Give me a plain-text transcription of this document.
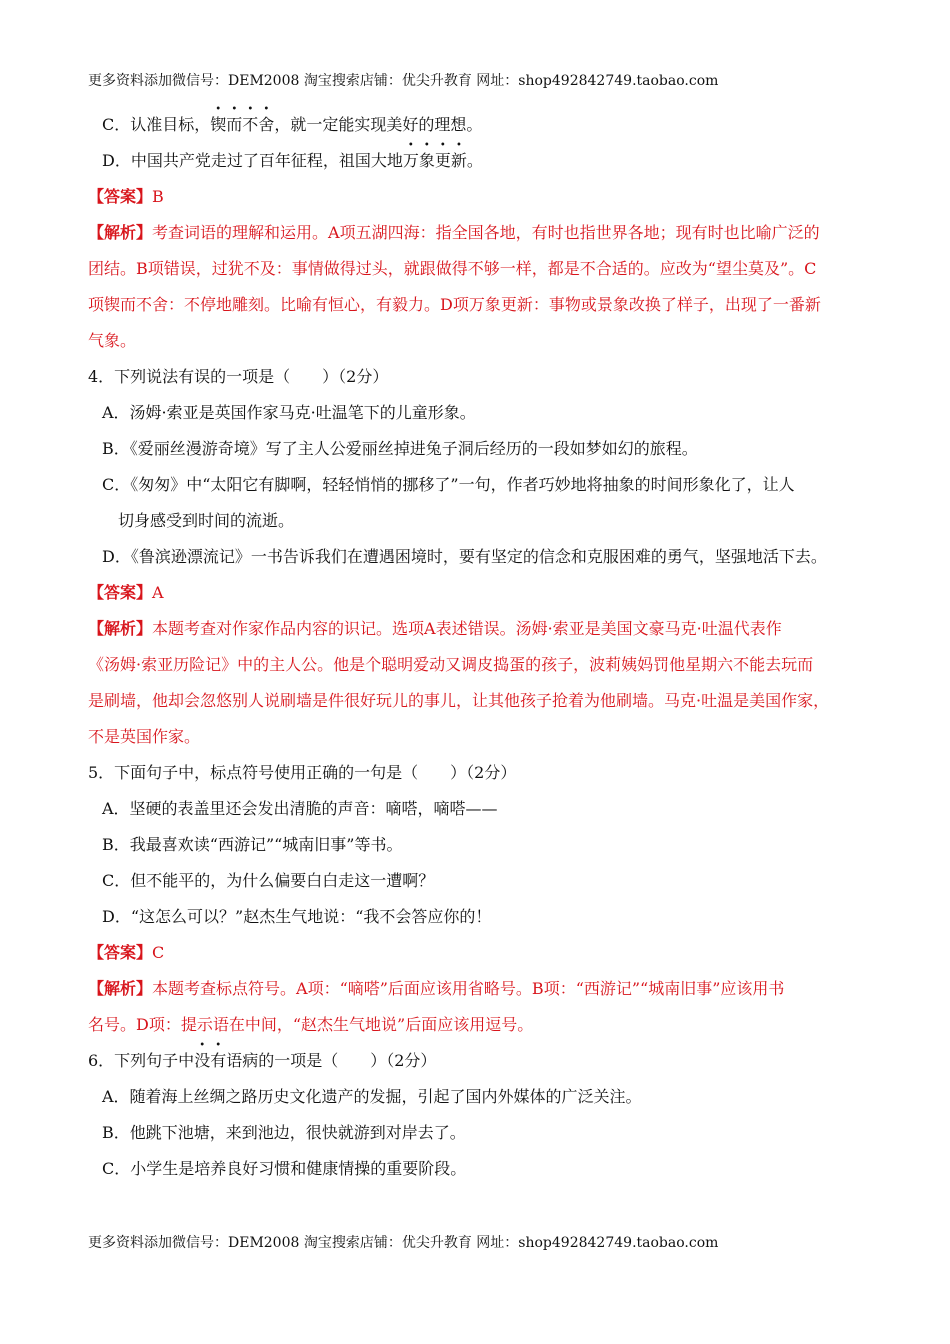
更多资料添加微信号：DEM2008 淘宝搜索店铺：优尖升教育 网址：shop492842749.taobao.com

C．认准目标，锲而不舍，就一定能实现美好的理想。

D．中国共产党走过了百年征程，祖国大地万象更新。

【答案】B

【解析】考查词语的理解和运用。A项五湖四海：指全国各地，有时也指世界各地；现有时也比喻广泛的

团结。B项错误，过犹不及：事情做得过头，就跟做得不够一样，都是不合适的。应改为“望尘莫及”。C

项锲而不舍：不停地雕刻。比喻有恒心，有毅力。D项万象更新：事物或景象改换了样子，出现了一番新

气象。

4．下列说法有误的一项是（　　）（2分）

A．汤姆·索亚是英国作家马克·吐温笔下的儿童形象。

B．《爱丽丝漫游奇境》写了主人公爱丽丝掉进兔子洞后经历的一段如梦如幻的旅程。

C．《匆匆》中“太阳它有脚啊，轻轻悄悄的挪移了”一句，作者巧妙地将抽象的时间形象化了，让人

切身感受到时间的流逝。

D．《鲁滨逊漂流记》一书告诉我们在遭遇困境时，要有坚定的信念和克服困难的勇气，坚强地活下去。

【答案】A

【解析】本题考查对作家作品内容的识记。选项A表述错误。汤姆·索亚是美国文豪马克·吐温代表作

《汤姆·索亚历险记》中的主人公。他是个聪明爱动又调皮捣蛋的孩子，波莉姨妈罚他星期六不能去玩而

是刷墙，他却会忽悠别人说刷墙是件很好玩儿的事儿，让其他孩子抢着为他刷墙。马克·吐温是美国作家，

不是英国作家。

5．下面句子中，标点符号使用正确的一句是（　　）（2分）

A．坚硬的表盖里还会发出清脆的声音：嘀嗒，嘀嗒——

B．我最喜欢读“西游记”“城南旧事”等书。

C．但不能平的，为什么偏要白白走这一遭啊？

D．“这怎么可以？”赵杰生气地说：“我不会答应你的！

【答案】C

【解析】本题考查标点符号。A项：“嘀嗒”后面应该用省略号。B项：“西游记”“城南旧事”应该用书

名号。D项：提示语在中间，“赵杰生气地说”后面应该用逗号。

6．下列句子中没有语病的一项是（　　）（2分）

A．随着海上丝绸之路历史文化遗产的发掘，引起了国内外媒体的广泛关注。

B．他跳下池塘，来到池边，很快就游到对岸去了。

C．小学生是培养良好习惯和健康情操的重要阶段。

更多资料添加微信号：DEM2008 淘宝搜索店铺：优尖升教育 网址：shop492842749.taobao.com
